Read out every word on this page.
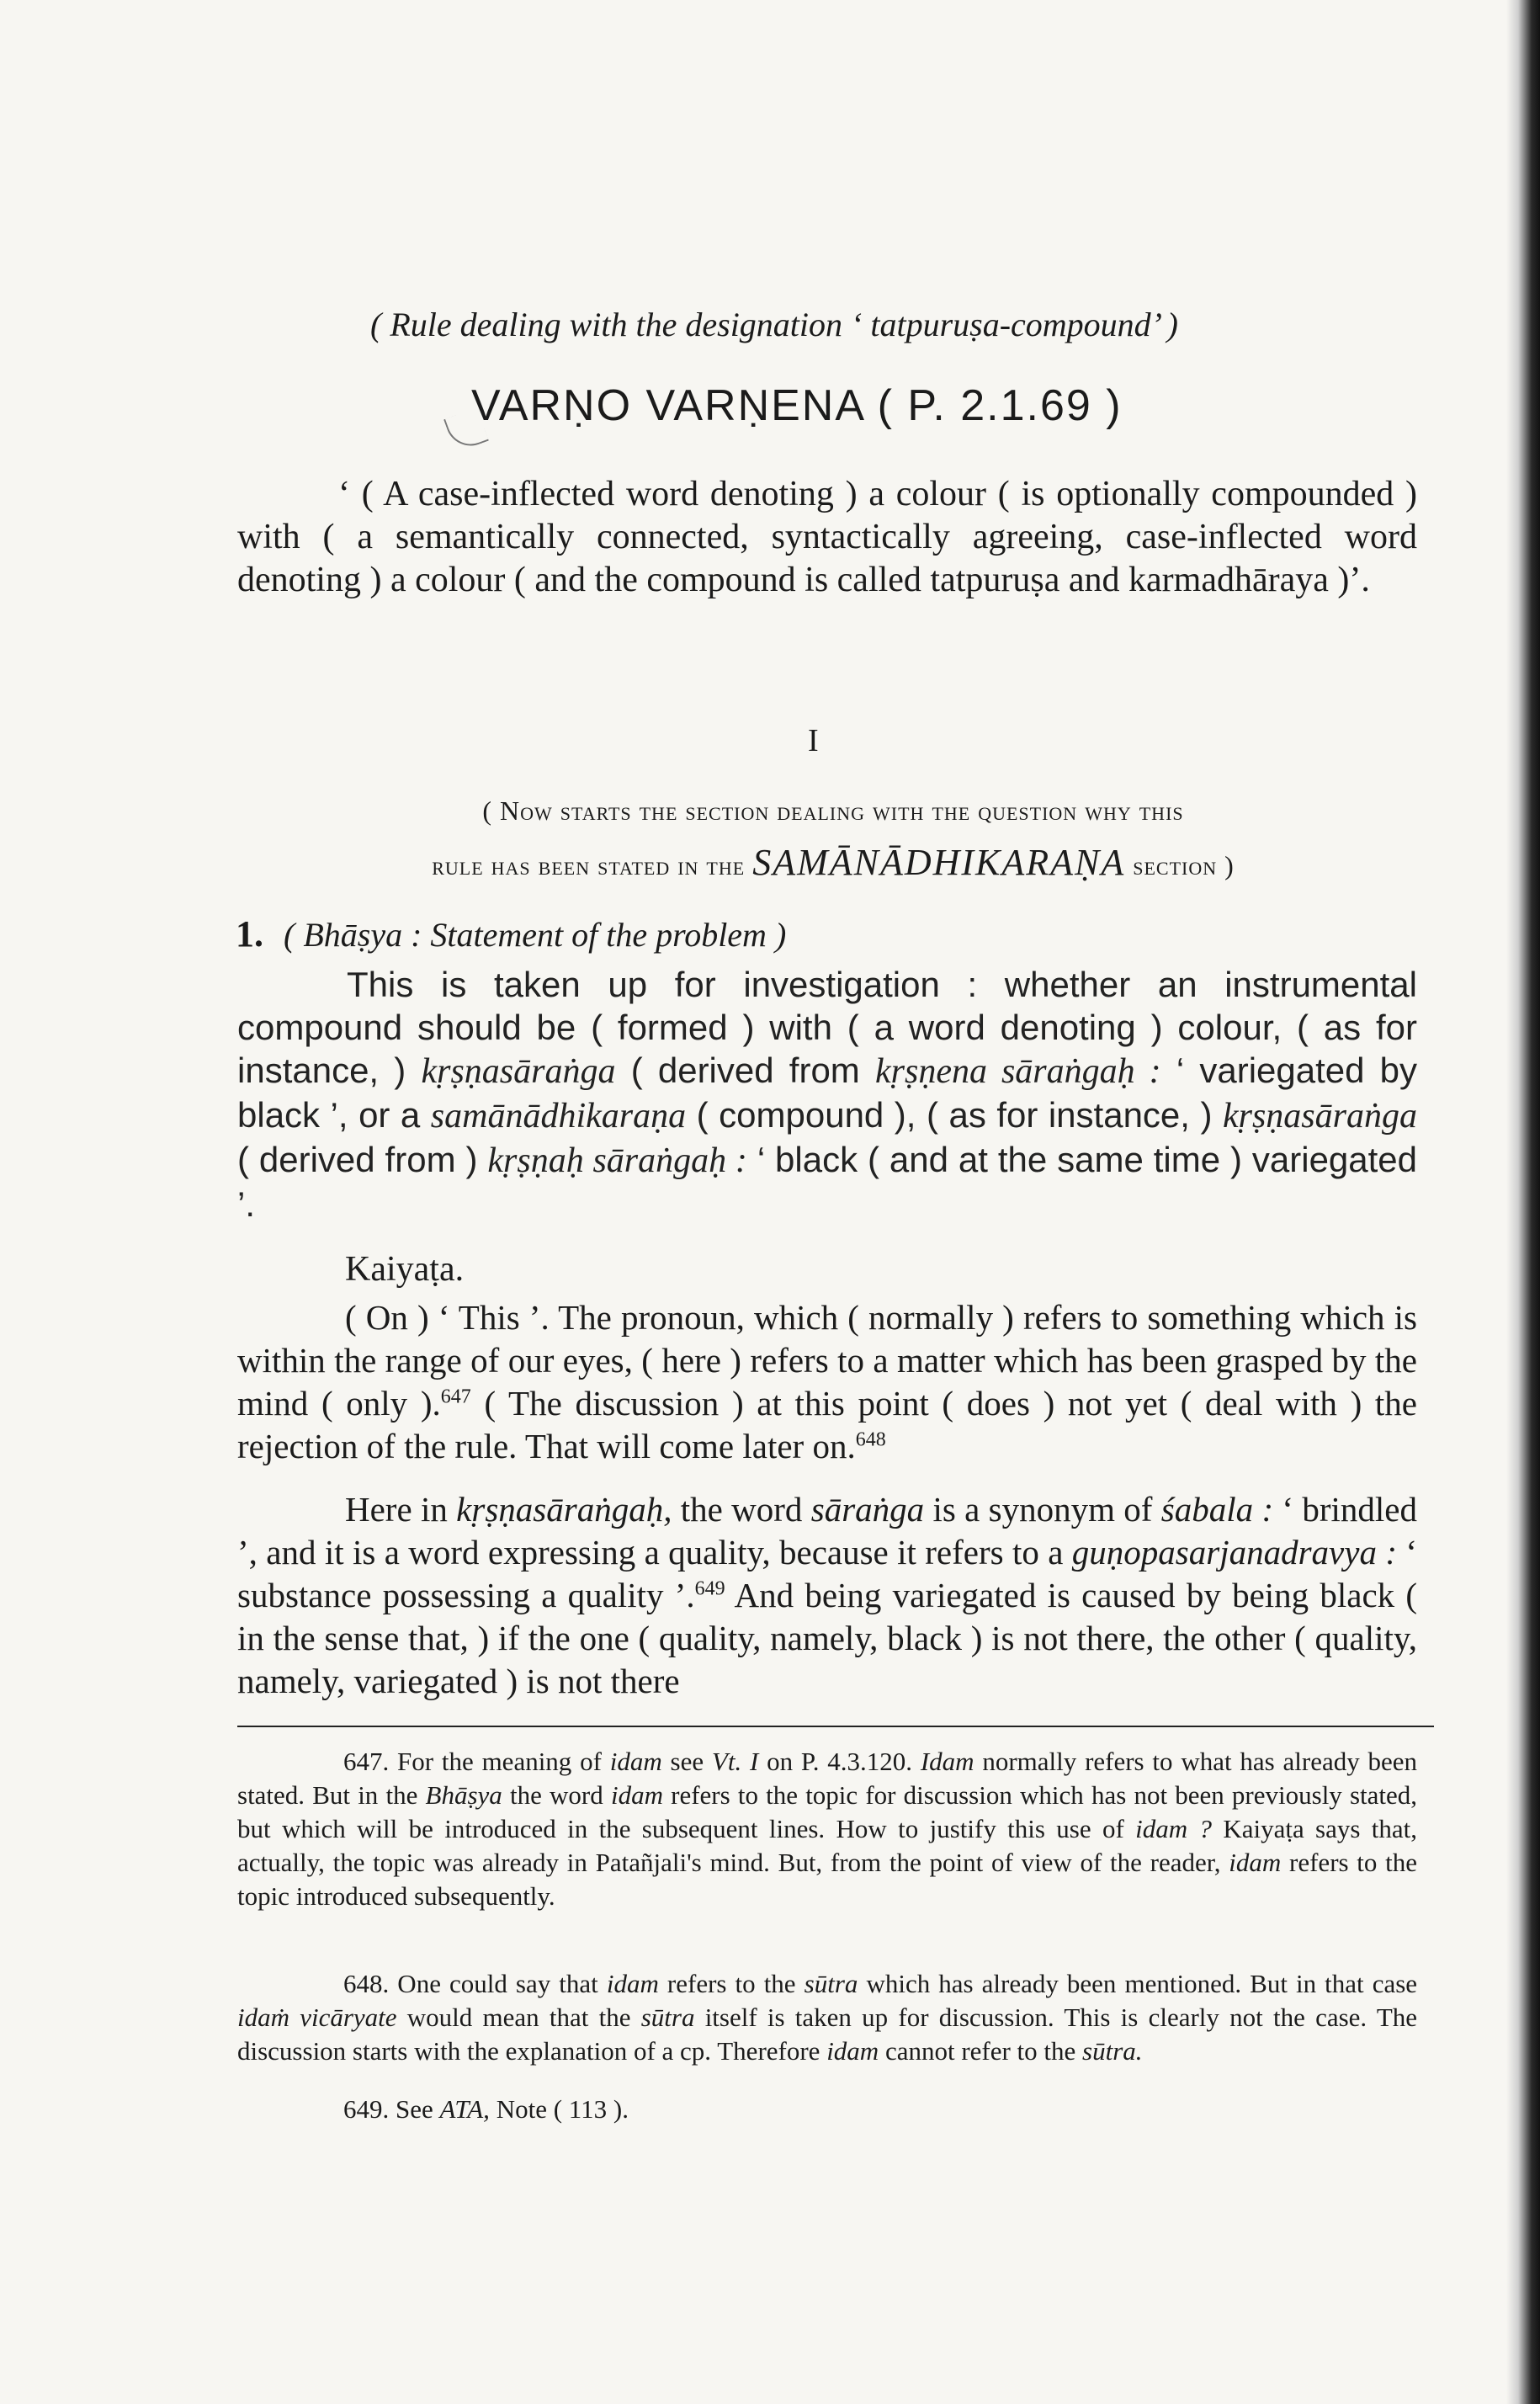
( Rule dealing with the designation ‘ tatpuruṣa-compound’ )
VARṆO VARṆENA ( P. 2.1.69 )
‘ ( A case-inflected word denoting ) a colour ( is optionally compounded ) with ( a semantically connected, syntactically agreeing, case-inflected word denoting ) a colour ( and the compound is called tatpuruṣa and karmadhāraya )’.
I
( Now starts the section dealing with the question why this
rule has been stated in the SAMĀNĀDHIKARAṆA section )
1. ( Bhāṣya : Statement of the problem )
This is taken up for investigation : whether an instrumental compound should be ( formed ) with ( a word denoting ) colour, ( as for instance, ) kṛṣṇasāraṅga ( derived from kṛṣṇena sāraṅgaḥ : ‘ variegated by black ’, or a samānādhikaraṇa ( compound ), ( as for instance, ) kṛṣṇasāraṅga ( derived from ) kṛṣṇaḥ sāraṅgaḥ : ‘ black ( and at the same time ) variegated ’.
Kaiyaṭa.
( On ) ‘ This ’. The pronoun, which ( normally ) refers to something which is within the range of our eyes, ( here ) refers to a matter which has been grasped by the mind ( only ).$^{647}$ ( The discussion ) at this point ( does ) not yet ( deal with ) the rejection of the rule. That will come later on.$^{648}$
Here in kṛṣṇasāraṅgaḥ, the word sāraṅga is a synonym of śabala : ‘ brindled ’, and it is a word expressing a quality, because it refers to a guṇopasarjanadravya : ‘ substance possessing a quality ’.$^{649}$ And being variegated is caused by being black ( in the sense that, ) if the one ( quality, namely, black ) is not there, the other ( quality, namely, variegated ) is not there
647. For the meaning of idam see Vt. I on P. 4.3.120. Idam normally refers to what has already been stated. But in the Bhāṣya the word idam refers to the topic for discussion which has not been previously stated, but which will be introduced in the subsequent lines. How to justify this use of idam ? Kaiyaṭa says that, actually, the topic was already in Patañjali's mind. But, from the point of view of the reader, idam refers to the topic introduced subsequently.
648. One could say that idam refers to the sūtra which has already been mentioned. But in that case idaṁ vicāryate would mean that the sūtra itself is taken up for discussion. This is clearly not the case. The discussion starts with the explanation of a cp. Therefore idam cannot refer to the sūtra.
649. See ATA, Note ( 113 ).
